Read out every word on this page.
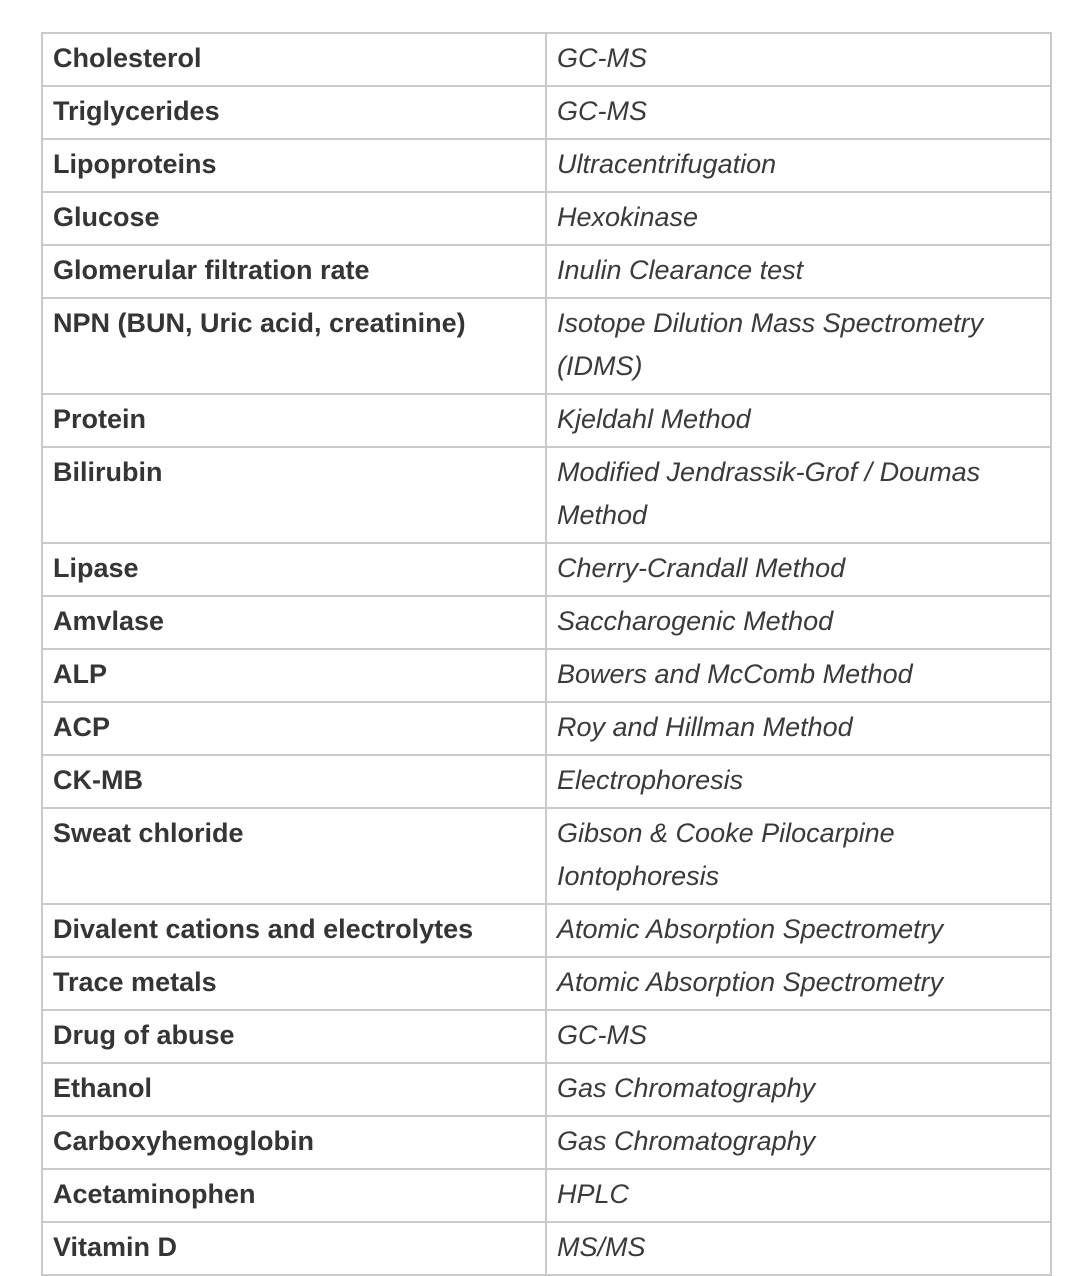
Cholesterol	GC-MS
Triglycerides	GC-MS
Lipoproteins	Ultracentrifugation
Glucose	Hexokinase
Glomerular filtration rate	Inulin Clearance test
NPN (BUN, Uric acid, creatinine)	Isotope Dilution Mass Spectrometry (IDMS)
Protein	Kjeldahl Method
Bilirubin	Modified Jendrassik-Grof / Doumas Method
Lipase	Cherry-Crandall Method
Amvlase	Saccharogenic Method
ALP	Bowers and McComb Method
ACP	Roy and Hillman Method
CK-MB	Electrophoresis
Sweat chloride	Gibson & Cooke Pilocarpine Iontophoresis
Divalent cations and electrolytes	Atomic Absorption Spectrometry
Trace metals	Atomic Absorption Spectrometry
Drug of abuse	GC-MS
Ethanol	Gas Chromatography
Carboxyhemoglobin	Gas Chromatography
Acetaminophen	HPLC
Vitamin D	MS/MS
